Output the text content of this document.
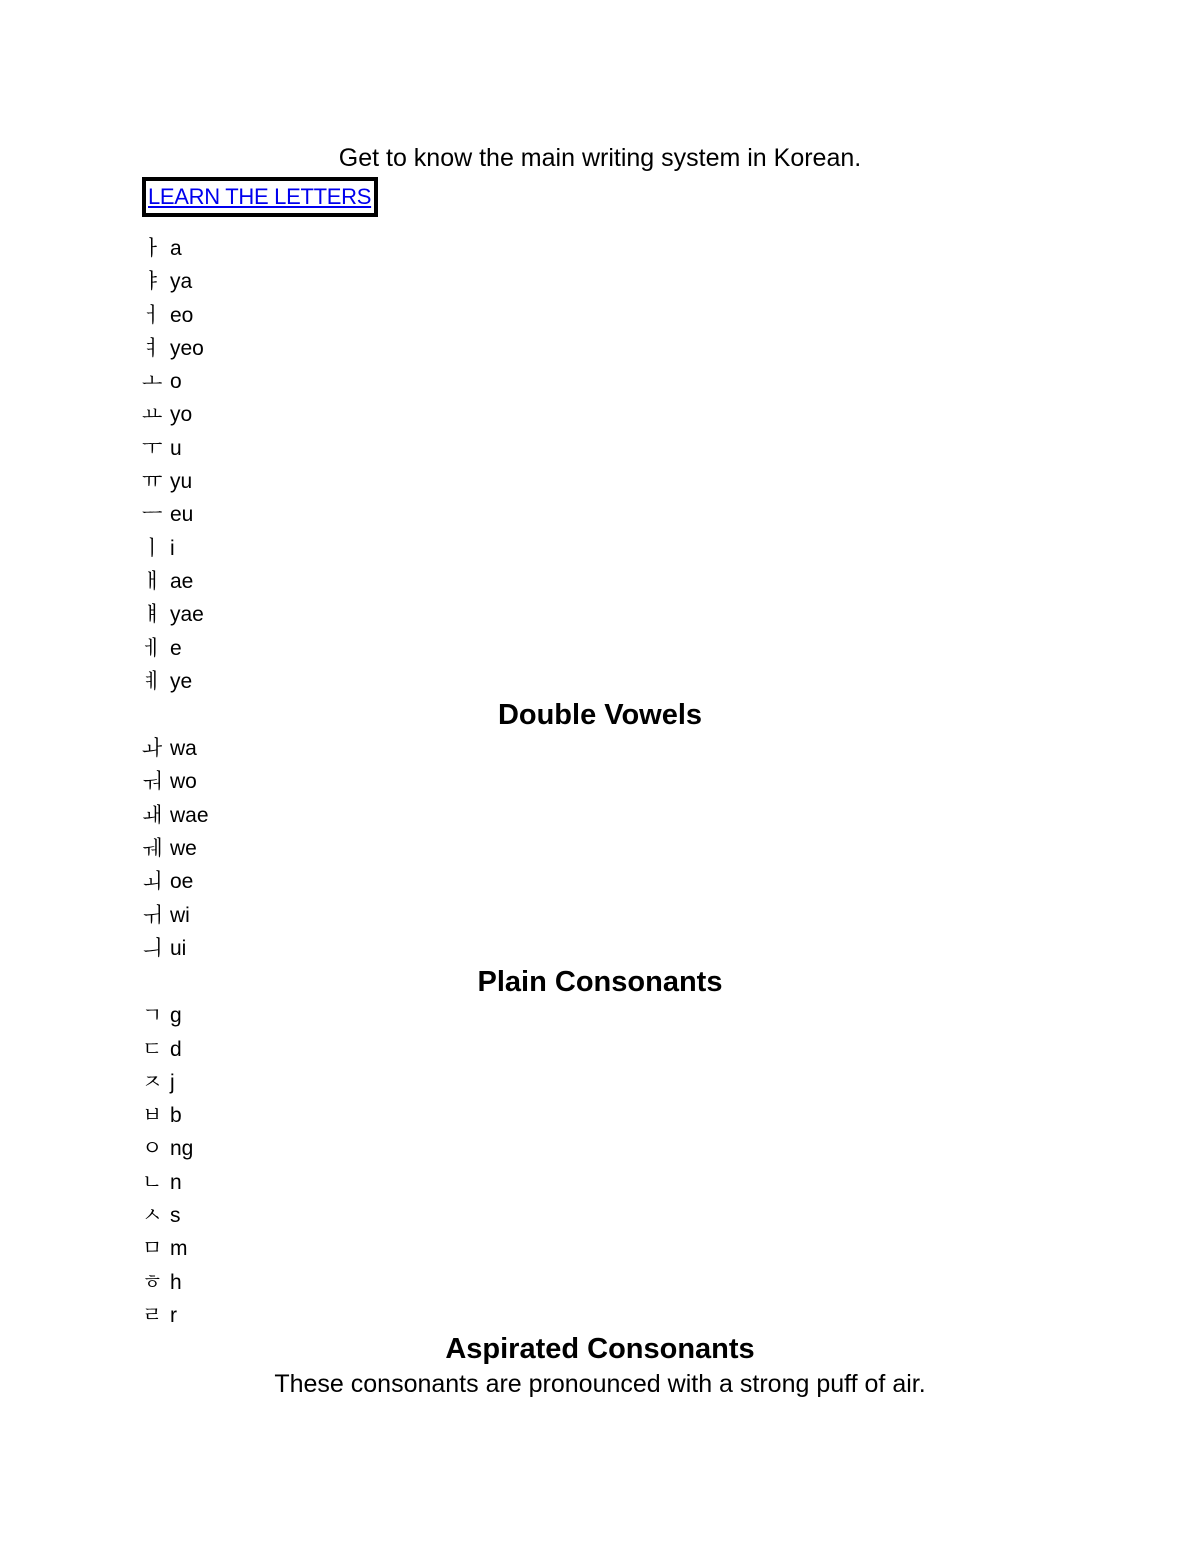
Get to know the main writing system in Korean.

LEARN THE LETTERS
ㅏ a
ㅑ ya
ㅓ eo
ㅕ yeo
ㅗ o
ㅛ yo
ㅜ u
ㅠ yu
ㅡ eu
ㅣ i
ㅐ ae
ㅒ yae
ㅔ e
ㅖ ye
Double Vowels
ㅘ wa
ㅝ wo
ㅙ wae
ㅞ we
ㅚ oe
ㅟ wi
ㅢ ui
Plain Consonants
ㄱ g
ㄷ d
ㅈ j
ㅂ b
ㅇ ng
ㄴ n
ㅅ s
ㅁ m
ㅎ h
ㄹ r
Aspirated Consonants

These consonants are pronounced with a strong puff of air.
